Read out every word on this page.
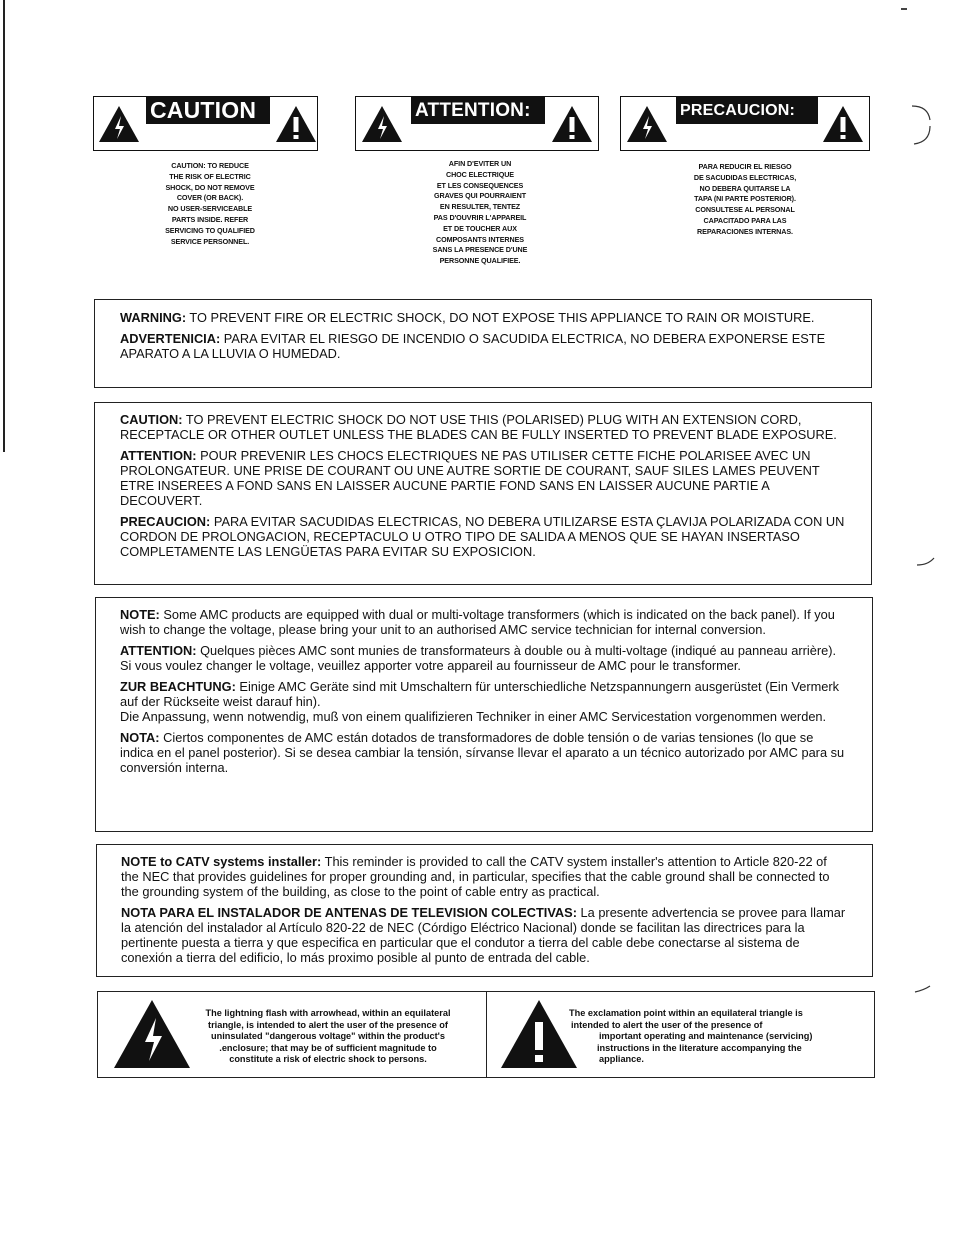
CAUTION
CAUTION: TO REDUCE
THE RISK OF ELECTRIC
SHOCK, DO NOT REMOVE
COVER (OR BACK).
NO USER-SERVICEABLE
PARTS INSIDE. REFER
SERVICING TO QUALIFIED
SERVICE PERSONNEL.
ATTENTION:
AFIN D'EVITER UN
CHOC ELECTRIQUE
ET LES CONSEQUENCES
GRAVES QUI POURRAIENT
EN RESULTER, TENTEZ
PAS D'OUVRIR L'APPAREIL
ET DE TOUCHER AUX
COMPOSANTS INTERNES
SANS LA PRESENCE D'UNE
PERSONNE QUALIFIEE.
PRECAUCION:
PARA REDUCIR EL RIESGO
DE SACUDIDAS ELECTRICAS,
NO DEBERA QUITARSE LA
TAPA (NI PARTE POSTERIOR).
CONSULTESE AL PERSONAL
CAPACITADO PARA LAS
REPARACIONES INTERNAS.

WARNING: TO PREVENT FIRE OR ELECTRIC SHOCK, DO NOT EXPOSE THIS APPLIANCE TO RAIN OR MOISTURE.

ADVERTENICIA: PARA EVITAR EL RIESGO DE INCENDIO O SACUDIDA ELECTRICA, NO DEBERA EXPONERSE ESTE APARATO A LA LLUVIA O HUMEDAD.

CAUTION: TO PREVENT ELECTRIC SHOCK DO NOT USE THIS (POLARISED) PLUG WITH AN EXTENSION CORD, RECEPTACLE OR OTHER OUTLET UNLESS THE BLADES CAN BE FULLY INSERTED TO PREVENT BLADE EXPOSURE.

ATTENTION: POUR PREVENIR LES CHOCS ELECTRIQUES NE PAS UTILISER CETTE FICHE POLARISEE AVEC UN PROLONGATEUR. UNE PRISE DE COURANT OU UNE AUTRE SORTIE DE COURANT, SAUF SILES LAMES PEUVENT ETRE INSEREES A FOND SANS EN LAISSER AUCUNE PARTIE FOND SANS EN LAISSER AUCUNE PARTIE A DECOUVERT.

PRECAUCION: PARA EVITAR SACUDIDAS ELECTRICAS, NO DEBERA UTILIZARSE ESTA ÇLAVIJA POLARIZADA CON UN CORDON DE PROLONGACION, RECEPTACULO U OTRO TIPO DE SALIDA A MENOS QUE SE HAYAN INSERTASO COMPLETAMENTE LAS LENGÜETAS PARA EVITAR SU EXPOSICION.

NOTE: Some AMC products are equipped with dual or multi-voltage transformers (which is indicated on the back panel). If you wish to change the voltage, please bring your unit to an authorised AMC service technician for internal conversion.

ATTENTION: Quelques pièces AMC sont munies de transformateurs à double ou à multi-voltage (indiqué au panneau arrière). Si vous voulez changer le voltage, veuillez apporter votre appareil au fournisseur de AMC pour le transformer.

ZUR BEACHTUNG: Einige AMC Geräte sind mit Umschaltern für unterschiedliche Netzspannungern ausgerüstet (Ein Vermerk auf der Rückseite weist darauf hin).

Die Anpassung, wenn notwendig, muß von einem qualifizieren Techniker in einer AMC Servicestation vorgenommen werden.

NOTA: Ciertos componentes de AMC están dotados de transformadores de doble tensión o de varias tensiones (lo que se indica en el panel posterior). Si se desea cambiar la tensión, sírvanse llevar el aparato a un técnico autorizado por AMC para su conversión interna.

NOTE to CATV systems installer: This reminder is provided to call the CATV system installer's attention to Article 820-22 of the NEC that provides guidelines for proper grounding and, in particular, specifies that the cable ground shall be connected to the grounding system of the building, as close to the point of cable entry as practical.

NOTA PARA EL INSTALADOR DE ANTENAS DE TELEVISION COLECTIVAS: La presente advertencia se provee para llamar la atención del instalador al Artículo 820-22 de NEC (Córdigo Eléctrico Nacional) donde se facilitan las directrices para la pertinente puesta a tierra y que especifica en particular que el condutor a tierra del cable debe conectarse al sistema de conexión a tierra del edificio, lo más proximo posible al punto de entrada del cable.

The lightning flash with arrowhead, within an equilateral
triangle, is intended to alert the user of the presence of
uninsulated "dangerous voltage" within the product's
.enclosure; that may be of sufficient magnitude to
constitute a risk of electric shock to persons.
The exclamation point within an equilateral triangle is
intended to alert the user of the presence of
important operating and maintenance (servicing)
instructions in the literature accompanying the
appliance.
